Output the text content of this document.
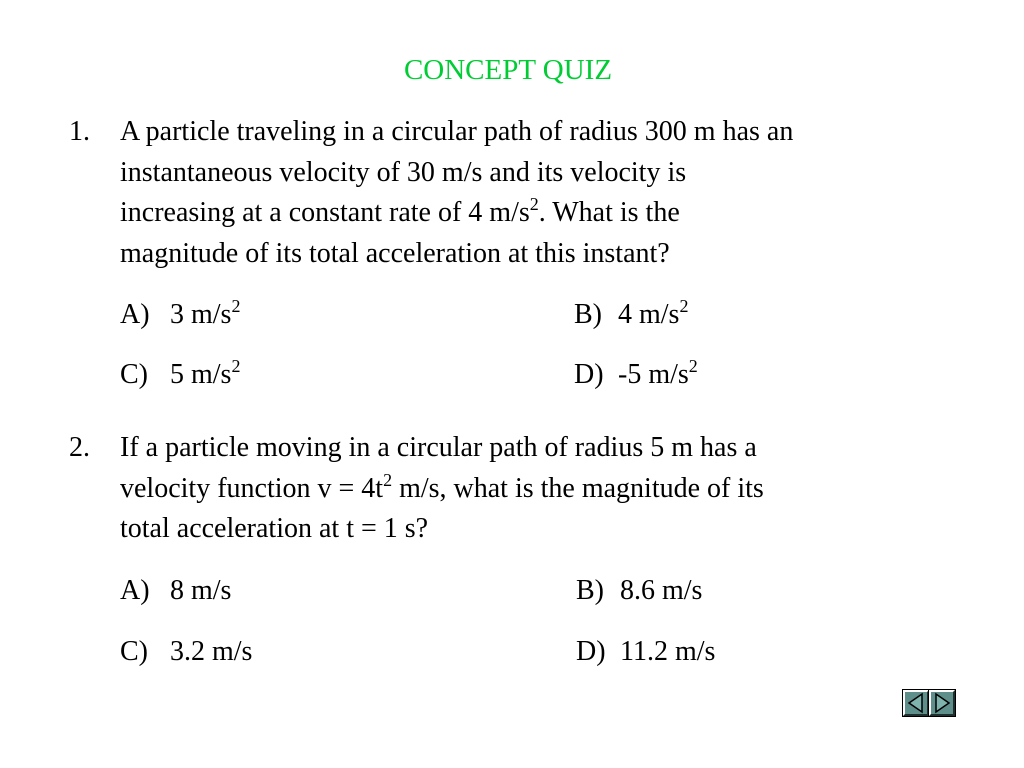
CONCEPT QUIZ
1. A particle traveling in a circular path of radius 300 m has an
instantaneous velocity of 30 m/s and its velocity is
increasing at a constant rate of 4 $m/s^2$. What is the
magnitude of its total acceleration at this instant?
A) 3 $m/s^2$	B) 4 $m/s^2$
C) 5 $m/s^2$	D) -5 $m/s^2$
2. If a particle moving in a circular path of radius 5 m has a
velocity function $v = 4t^2$ m/s, what is the magnitude of its
total acceleration at t = 1 s?
A) 8 m/s	B) 8.6 m/s
C) 3.2 m/s	D) 11.2 m/s
